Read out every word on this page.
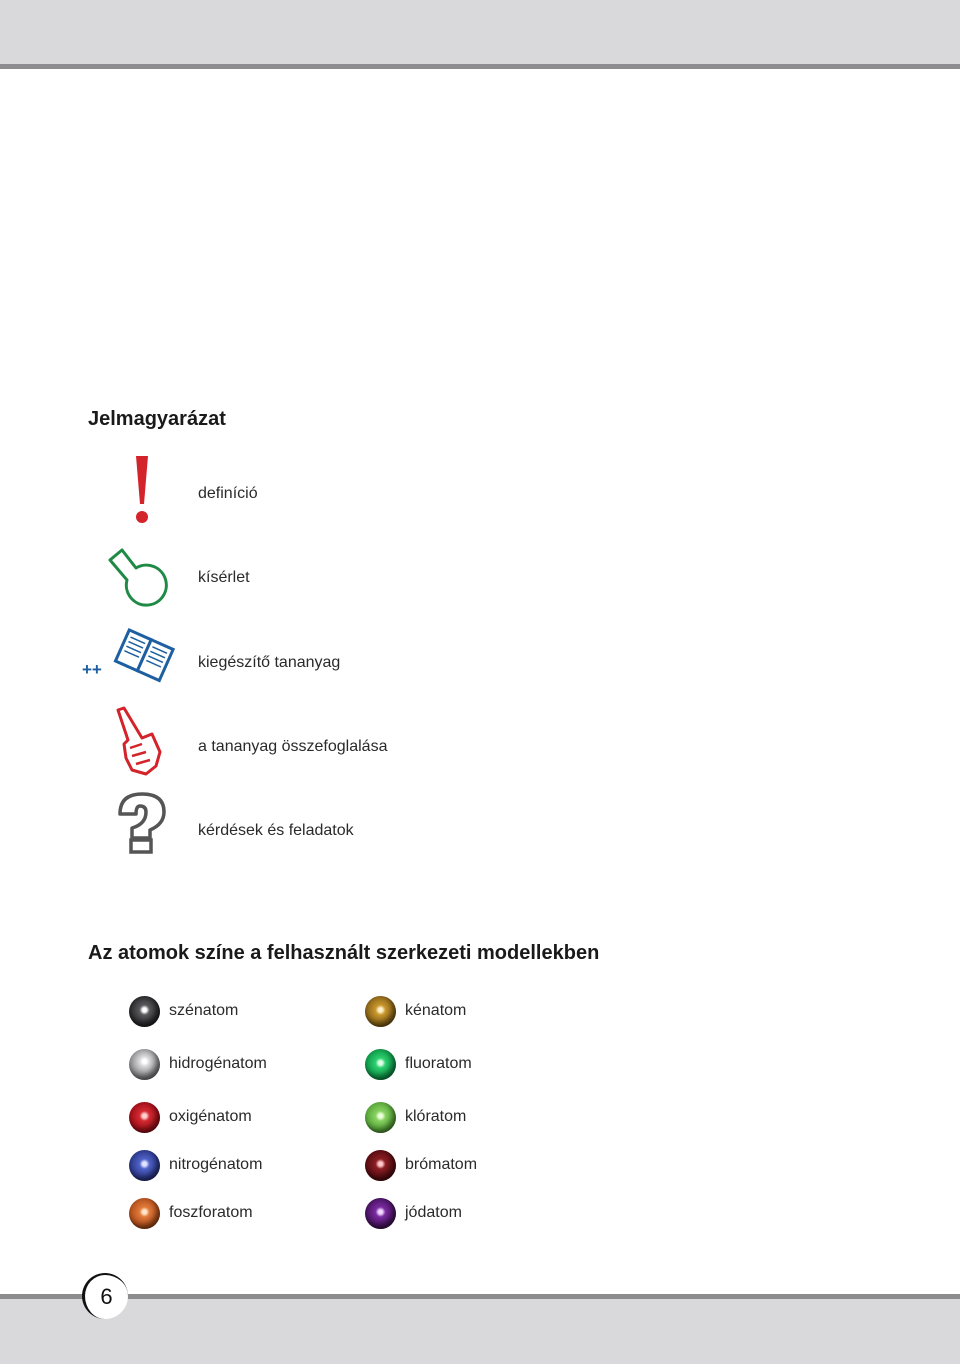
Jelmagyarázat
definíció
kísérlet
++	kiegészítő tananyag
a tananyag összefoglalása
kérdések és feladatok
Az atomok színe a felhasznált szerkezeti modellekben
szénatom
hidrogénatom
oxigénatom
nitrogénatom
foszforatom
kénatom
fluoratom
klóratom
brómatom
jódatom
6
